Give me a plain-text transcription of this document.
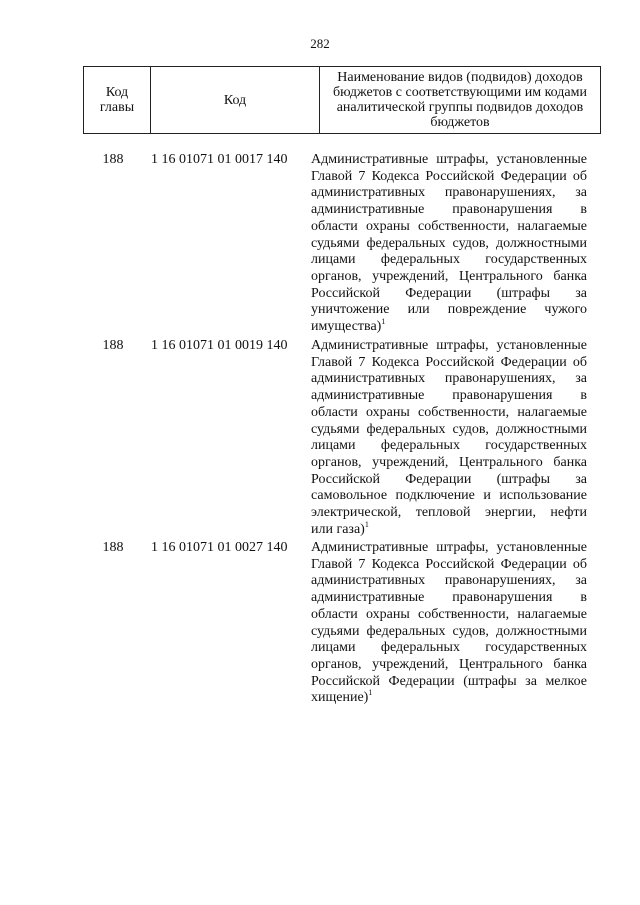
282
Код главы	Код	Наименование видов (подвидов) доходов бюджетов с соответствующими им кодами аналитической группы подвидов доходов бюджетов
188	1 16 01071 01 0017 140	Административные штрафы, установленные
Главой 7 Кодекса Российской Федерации об
административных правонарушениях, за
административные правонарушения в
области охраны собственности, налагаемые
судьями федеральных судов, должностными
лицами федеральных государственных
органов, учреждений, Центрального банка
Российской Федерации (штрафы за
уничтожение или повреждение чужого
имущества)$^1$
188	1 16 01071 01 0019 140	Административные штрафы, установленные
Главой 7 Кодекса Российской Федерации об
административных правонарушениях, за
административные правонарушения в
области охраны собственности, налагаемые
судьями федеральных судов, должностными
лицами федеральных государственных
органов, учреждений, Центрального банка
Российской Федерации (штрафы за
самовольное подключение и использование
электрической, тепловой энергии, нефти
или газа)$^1$
188	1 16 01071 01 0027 140	Административные штрафы, установленные
Главой 7 Кодекса Российской Федерации об
административных правонарушениях, за
административные правонарушения в
области охраны собственности, налагаемые
судьями федеральных судов, должностными
лицами федеральных государственных
органов, учреждений, Центрального банка
Российской Федерации (штрафы за мелкое
хищение)$^1$
